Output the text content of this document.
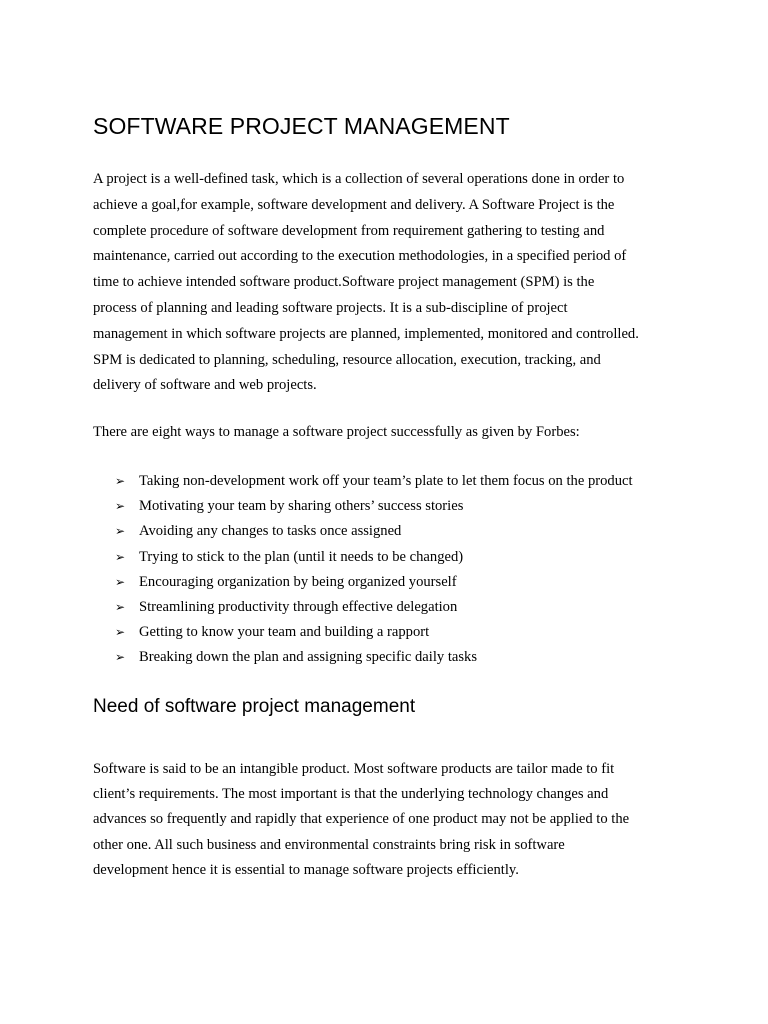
SOFTWARE PROJECT MANAGEMENT

A project is a well-defined task, which is a collection of several operations done in order to
achieve a goal,for example, software development and delivery. A Software Project is the
complete procedure of software development from requirement gathering to testing and
maintenance, carried out according to the execution methodologies, in a specified period of
time to achieve intended software product.Software project management (SPM) is the
process of planning and leading software projects. It is a sub-discipline of project
management in which software projects are planned, implemented, monitored and controlled.
SPM is dedicated to planning, scheduling, resource allocation, execution, tracking, and
delivery of software and web projects.

There are eight ways to manage a software project successfully as given by Forbes:

➢ Taking non-development work off your team’s plate to let them focus on the product
➢ Motivating your team by sharing others’ success stories
➢ Avoiding any changes to tasks once assigned
➢ Trying to stick to the plan (until it needs to be changed)
➢ Encouraging organization by being organized yourself
➢ Streamlining productivity through effective delegation
➢ Getting to know your team and building a rapport
➢ Breaking down the plan and assigning specific daily tasks
Need of software project management

Software is said to be an intangible product. Most software products are tailor made to fit
client’s requirements. The most important is that the underlying technology changes and
advances so frequently and rapidly that experience of one product may not be applied to the
other one. All such business and environmental constraints bring risk in software
development hence it is essential to manage software projects efficiently.
